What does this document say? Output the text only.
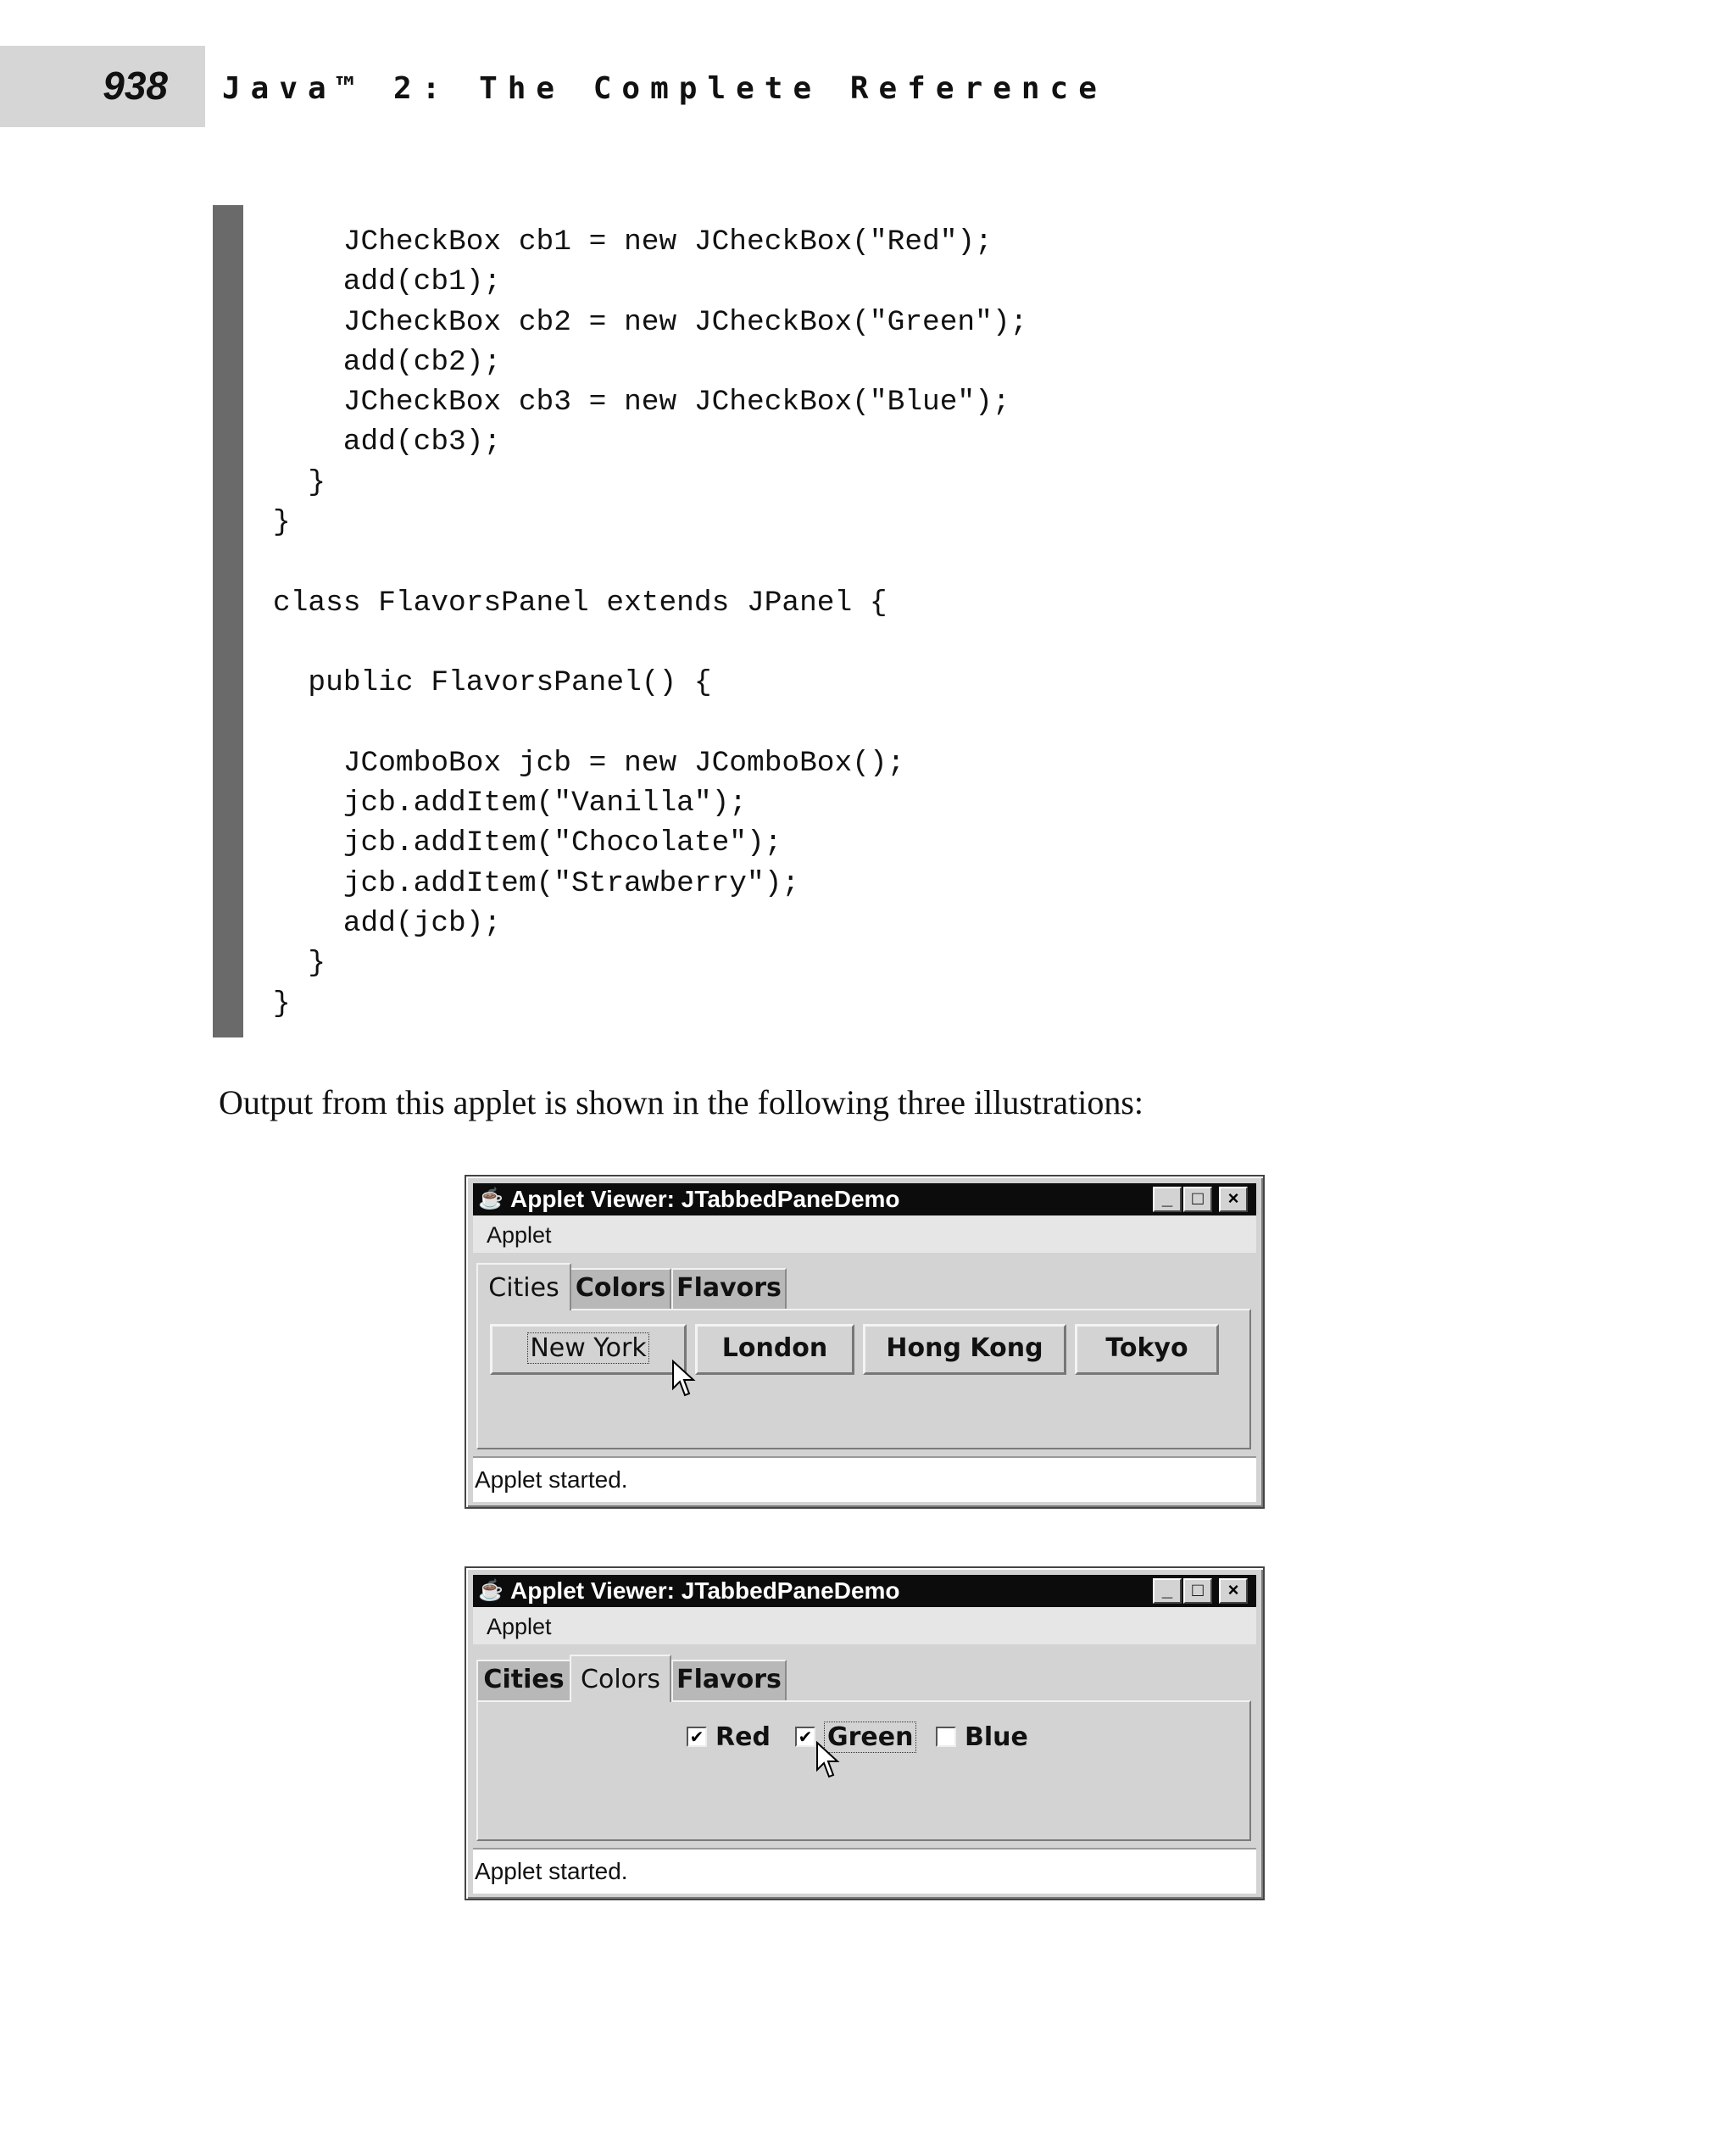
938 Java™ 2: The Complete Reference
JCheckBox cb1 = new JCheckBox("Red");
add(cb1);
JCheckBox cb2 = new JCheckBox("Green");
add(cb2);
JCheckBox cb3 = new JCheckBox("Blue");
add(cb3);
}
}
class FlavorsPanel extends JPanel {
public FlavorsPanel() {
JComboBox jcb = new JComboBox();
jcb.addItem("Vanilla");
jcb.addItem("Chocolate");
jcb.addItem("Strawberry");
add(jcb);
}
}

Output from this applet is shown in the following three illustrations:

☕ Applet Viewer: JTabbedPaneDemo	_	□	×
Applet
Cities Colors Flavors
New York	London	Hong Kong	Tokyo
Applet started.
☕ Applet Viewer: JTabbedPaneDemo	_	□	×
Applet
Cities Colors Flavors
✔ Red ✔ Green Blue
Applet started.
